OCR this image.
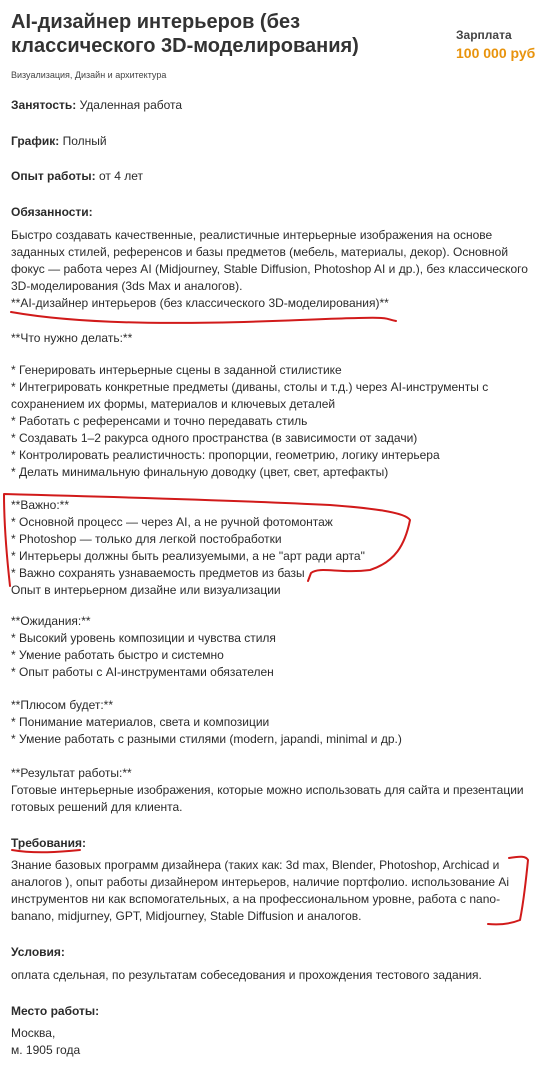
AI-дизайнер интерьеров (без
классического 3D-моделирования)	Зарплата
100 000 руб
Визуализация, Дизайн и архитектура
Занятость: Удаленная работа
График: Полный
Опыт работы: от 4 лет
Обязанности:
Быстро создавать качественные, реалистичные интерьерные изображения на основе
заданных стилей, референсов и базы предметов (мебель, материалы, декор). Основной
фокус — работа через AI (Midjourney, Stable Diffusion, Photoshop AI и др.), без классического
3D-моделирования (3ds Max и аналогов).
**AI-дизайнер интерьеров (без классического 3D-моделирования)**
**Что нужно делать:**
* Генерировать интерьерные сцены в заданной стилистике
* Интегрировать конкретные предметы (диваны, столы и т.д.) через AI-инструменты с
сохранением их формы, материалов и ключевых деталей
* Работать с референсами и точно передавать стиль
* Создавать 1–2 ракурса одного пространства (в зависимости от задачи)
* Контролировать реалистичность: пропорции, геометрию, логику интерьера
* Делать минимальную финальную доводку (цвет, свет, артефакты)
**Важно:**
* Основной процесс — через AI, а не ручной фотомонтаж
* Photoshop — только для легкой постобработки
* Интерьеры должны быть реализуемыми, а не "арт ради арта"
* Важно сохранять узнаваемость предметов из базы
Опыт в интерьерном дизайне или визуализации
**Ожидания:**
* Высокий уровень композиции и чувства стиля
* Умение работать быстро и системно
* Опыт работы с AI-инструментами обязателен
**Плюсом будет:**
* Понимание материалов, света и композиции
* Умение работать с разными стилями (modern, japandi, minimal и др.)
**Результат работы:**
Готовые интерьерные изображения, которые можно использовать для сайта и презентации
готовых решений для клиента.
Требования:
Знание базовых программ дизайнера (таких как: 3d max, Blender, Photoshop, Archicad и
аналогов ), опыт работы дизайнером интерьеров, наличие портфолио. использование Ai
инструментов ни как вспомогательных, а на профессиональном уровне, работа с nano-
banano, midjurney, GPT, Midjourney, Stable Diffusion и аналогов.
Условия:
оплата сдельная, по результатам собеседования и прохождения тестового задания.
Место работы:
Москва,
м. 1905 года
